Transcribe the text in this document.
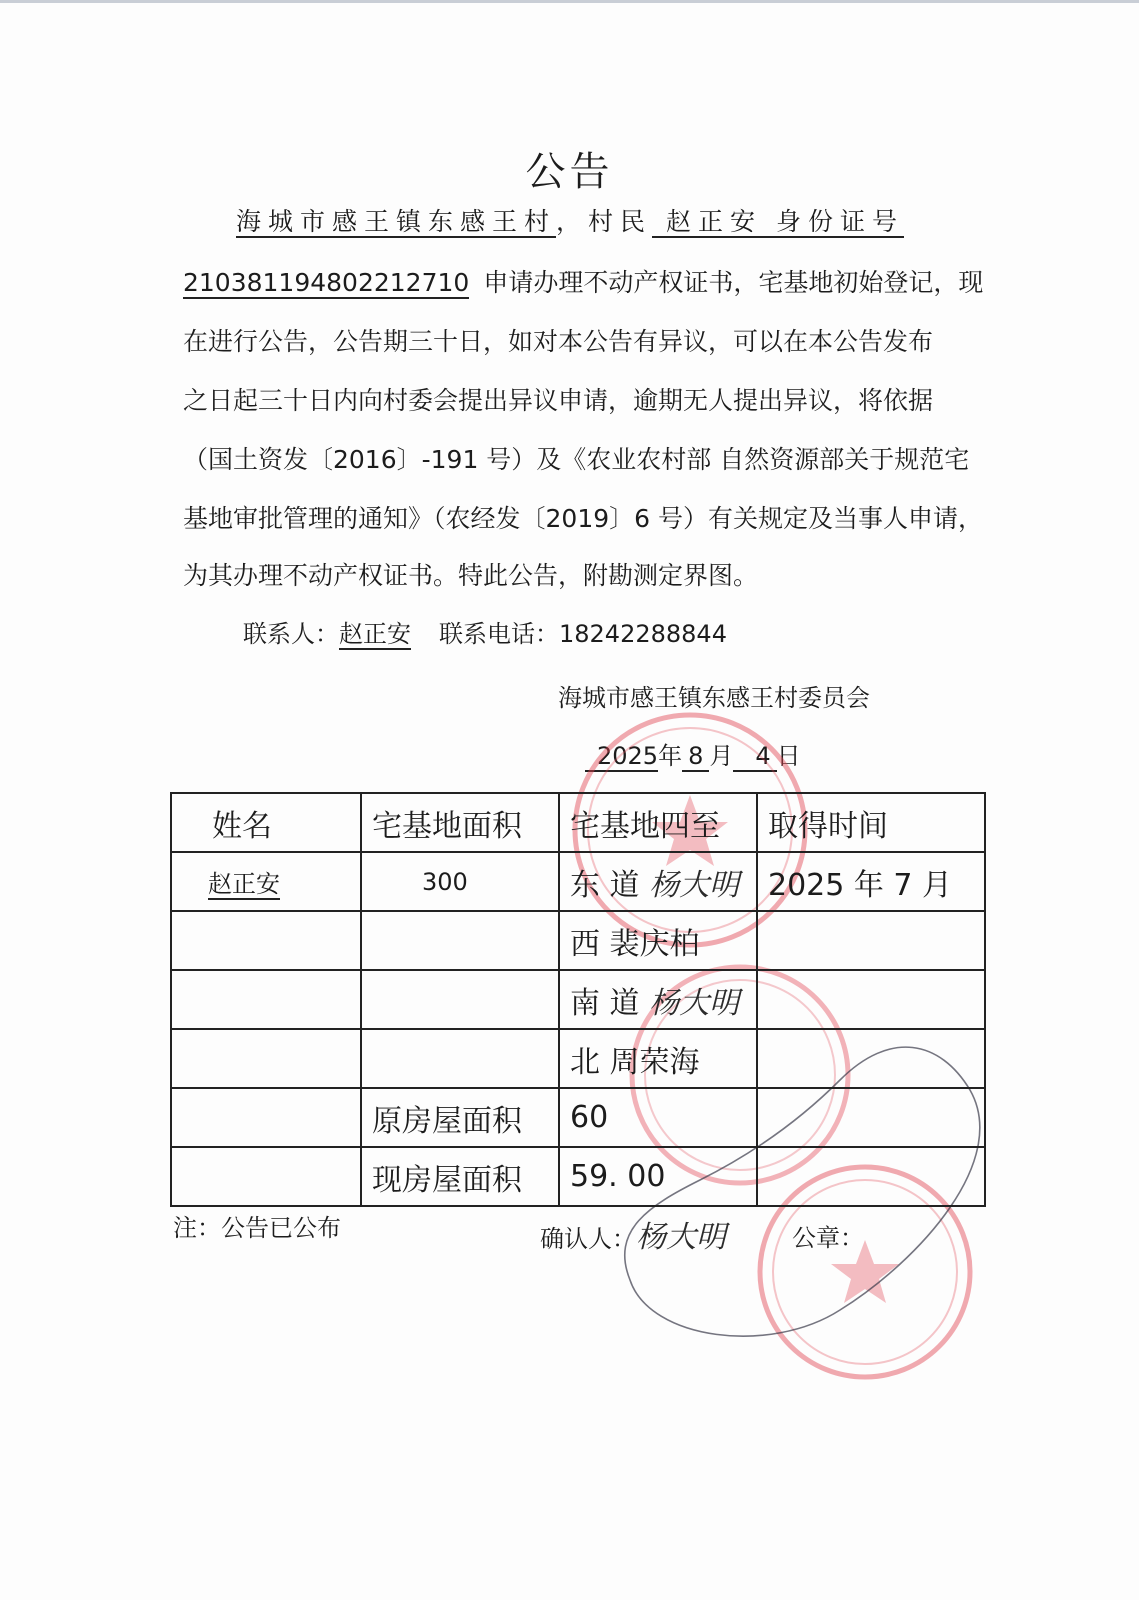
公告
海城市感王镇东感王村，村民 赵正安 身份证号
210381194802212710 申请办理不动产权证书，宅基地初始登记，现
在进行公告，公告期三十日，如对本公告有异议，可以在本公告发布
之日起三十日内向村委会提出异议申请，逾期无人提出异议，将依据
（国土资发〔2016〕-191 号）及《农业农村部 自然资源部关于规范宅
基地审批管理的通知》（农经发〔2019〕6 号）有关规定及当事人申请，
为其办理不动产权证书。特此公告，附勘测定界图。
联系人：赵正安 联系电话：18242288844
海城市感王镇东感王村委员会
2025年 8 月 4 日
姓名	宅基地面积	宅基地四至	取得时间
赵正安	300	东 道 杨大明	2025 年 7 月
		西 裴庆柏	
		南 道 杨大明	
		北 周荣海	
	原房屋面积	60	
	现房屋面积	59. 00	
注：公告已公布	确认人：杨大明	公章：
